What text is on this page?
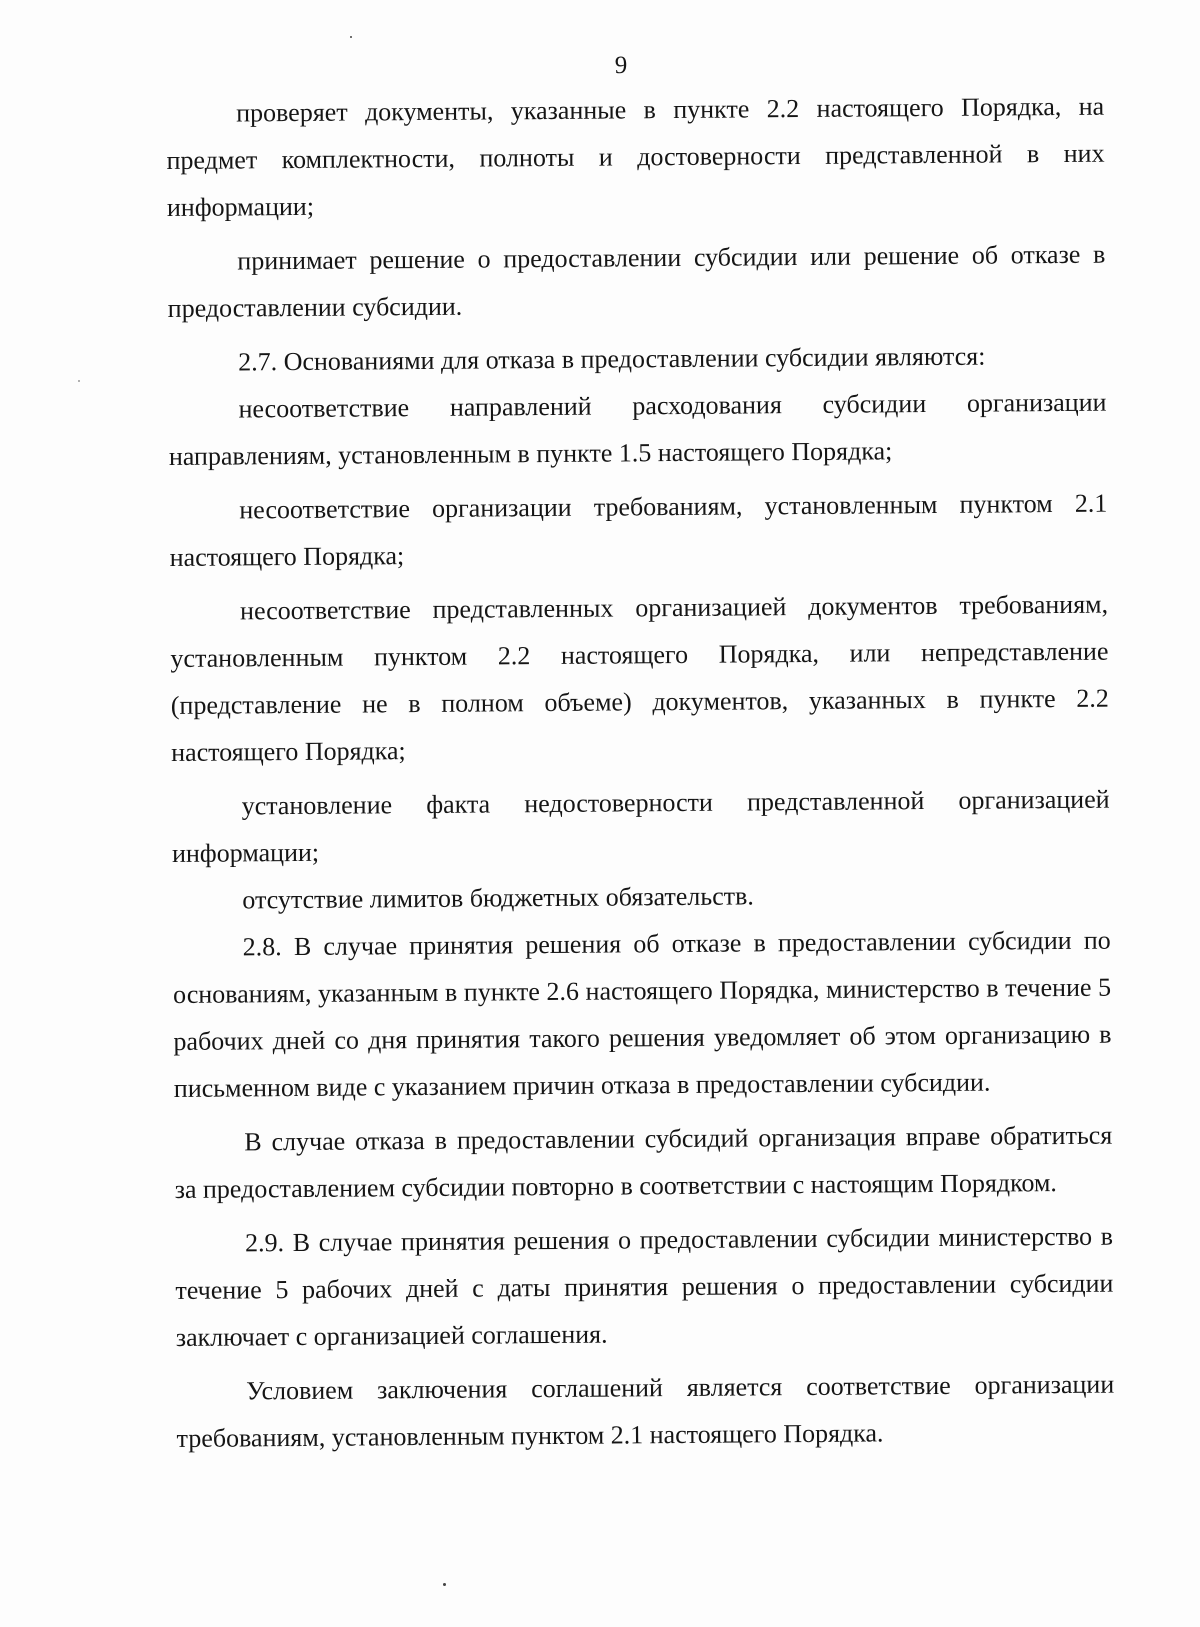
9

проверяет документы, указанные в пункте 2.2 настоящего Порядка, на предмет комплектности, полноты и достоверности представленной в них информации;

принимает решение о предоставлении субсидии или решение об отказе в предоставлении субсидии.

2.7. Основаниями для отказа в предоставлении субсидии являются:

несоответствие направлений расходования субсидии организации направлениям, установленным в пункте 1.5 настоящего Порядка;

несоответствие организации требованиям, установленным пунктом 2.1 настоящего Порядка;

несоответствие представленных организацией документов требованиям, установленным пунктом 2.2 настоящего Порядка, или непредставление (представление не в полном объеме) документов, указанных в пункте 2.2 настоящего Порядка;

установление факта недостоверности представленной организацией информации;

отсутствие лимитов бюджетных обязательств.

2.8. В случае принятия решения об отказе в предоставлении субсидии по основаниям, указанным в пункте 2.6 настоящего Порядка, министерство в течение 5 рабочих дней со дня принятия такого решения уведомляет об этом организацию в письменном виде с указанием причин отказа в предоставлении субсидии.

В случае отказа в предоставлении субсидий организация вправе обратиться за предоставлением субсидии повторно в соответствии с настоящим Порядком.

2.9. В случае принятия решения о предоставлении субсидии министерство в течение 5 рабочих дней с даты принятия решения о предоставлении субсидии заключает с организацией соглашения.

Условием заключения соглашений является соответствие организации требованиям, установленным пунктом 2.1 настоящего Порядка.
